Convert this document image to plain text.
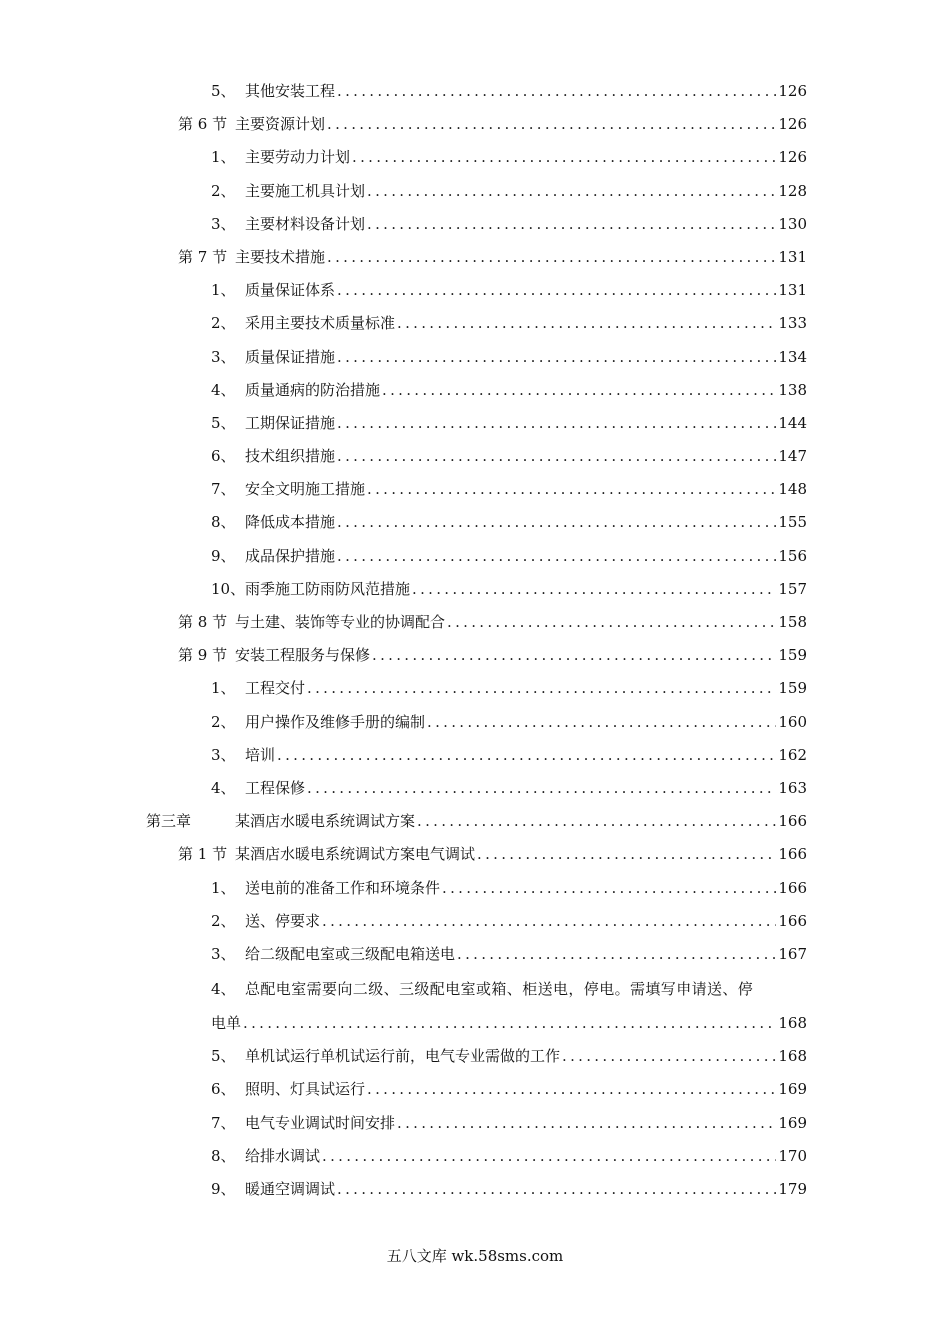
5、 其他安装工程 .....	126
第 6 节 主要资源计划 .....	126
1、 主要劳动力计划 .....	126
2、 主要施工机具计划 .....	128
3、 主要材料设备计划 .....	130
第 7 节 主要技术措施 .....	131
1、 质量保证体系 .....	131
2、 采用主要技术质量标准 .....	133
3、 质量保证措施 .....	134
4、 质量通病的防治措施 .....	138
5、 工期保证措施 .....	144
6、 技术组织措施 .....	147
7、 安全文明施工措施 .....	148
8、 降低成本措施 .....	155
9、 成品保护措施 .....	156
10、 雨季施工防雨防风范措施 .....	157
第 8 节 与土建、装饰等专业的协调配合 .....	158
第 9 节 安装工程服务与保修 .....	159
1、 工程交付 .....	159
2、 用户操作及维修手册的编制 .....	160
3、 培训 .....	162
4、 工程保修 .....	163
第三章	某酒店水暖电系统调试方案 .....	166
第 1 节 某酒店水暖电系统调试方案电气调试 .....	166
1、 送电前的准备工作和环境条件 .....	166
2、 送、停要求 .....	166
3、 给二级配电室或三级配电箱送电 .....	167
4、 总配电室需要向二级、三级配电室或箱、柜送电，停电。需填写申请送、停
电单 .....	168
5、 单机试运行单机试运行前，电气专业需做的工作 .....	168
6、 照明、灯具试运行 .....	169
7、 电气专业调试时间安排 .....	169
8、 给排水调试 .....	170
9、 暖通空调调试 .....	179
五八文库 wk.58sms.com
